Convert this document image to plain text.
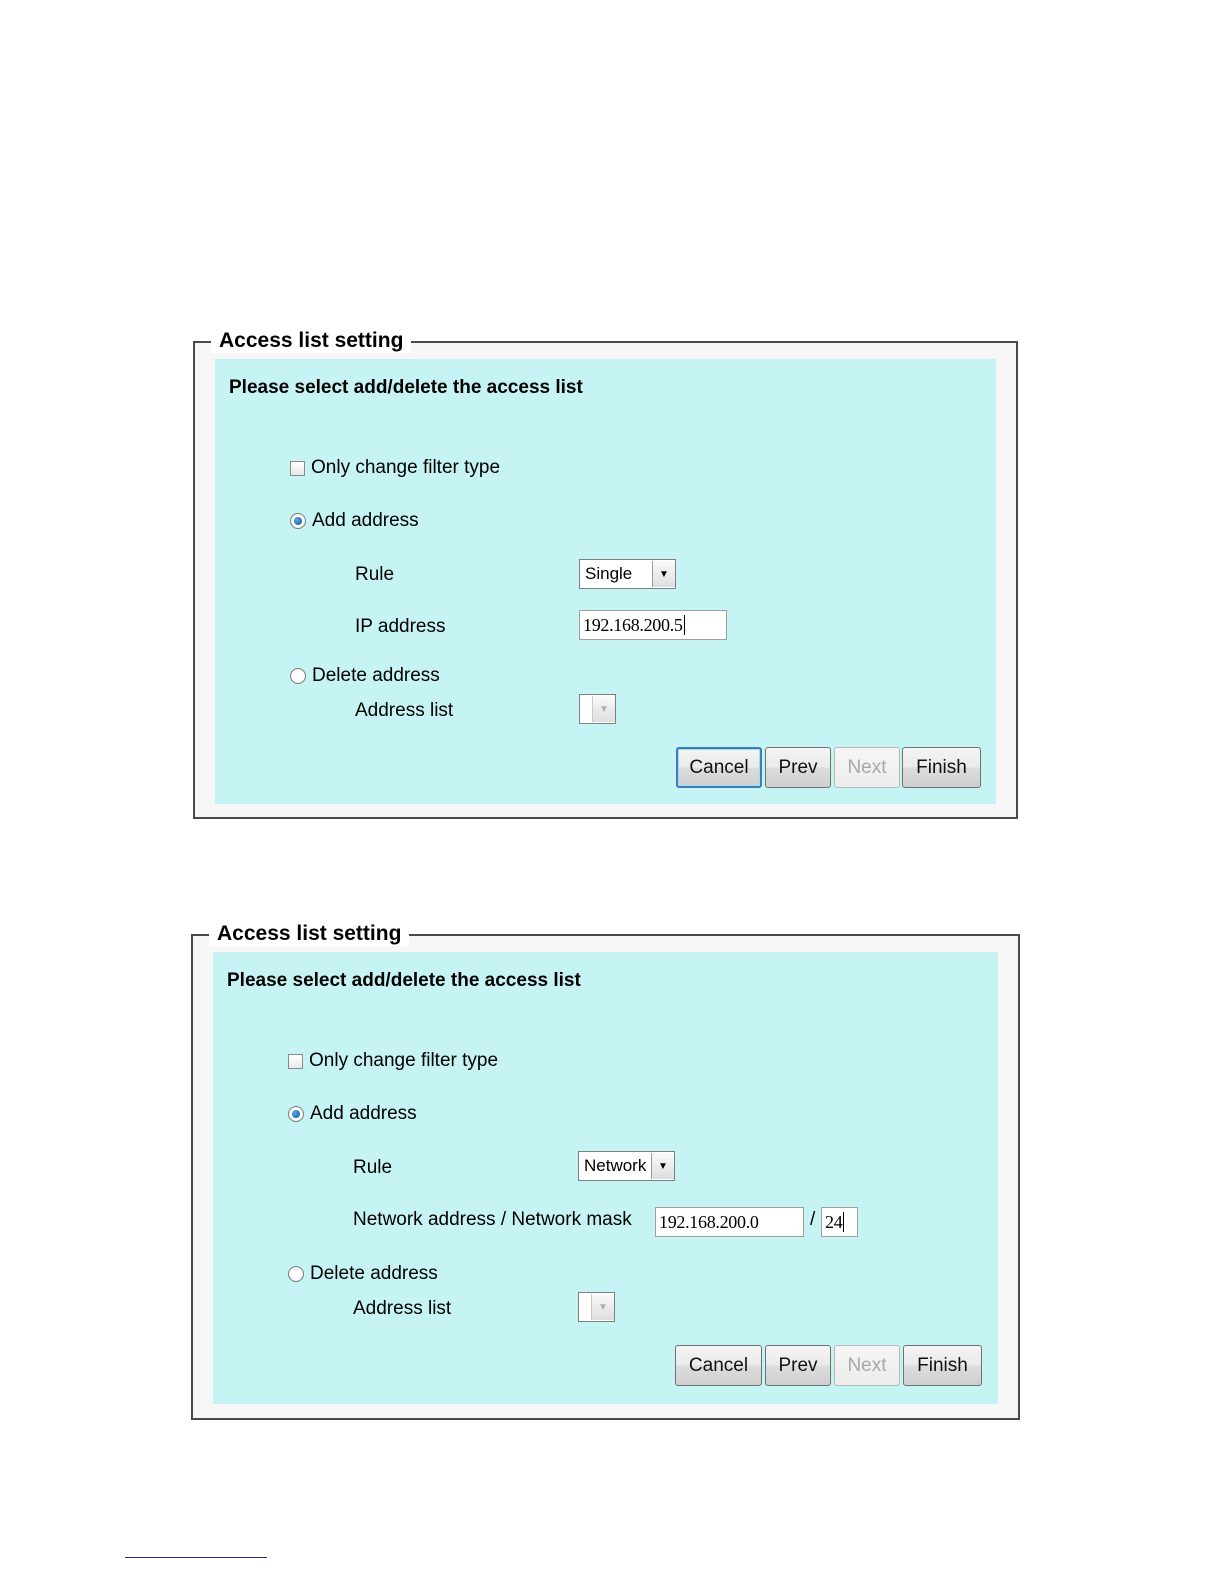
Access list setting
Please select add/delete the access list
Only change filter type
Add address
Rule	Single	▼
IP address	192.168.200.5
Delete address
Address list	▼
Cancel	Prev	Next	Finish
Access list setting
Please select add/delete the access list
Only change filter type
Add address
Rule	Network	▼
Network address / Network mask 192.168.200.0	/ 24
Delete address
Address list	▼
Cancel	Prev	Next	Finish
